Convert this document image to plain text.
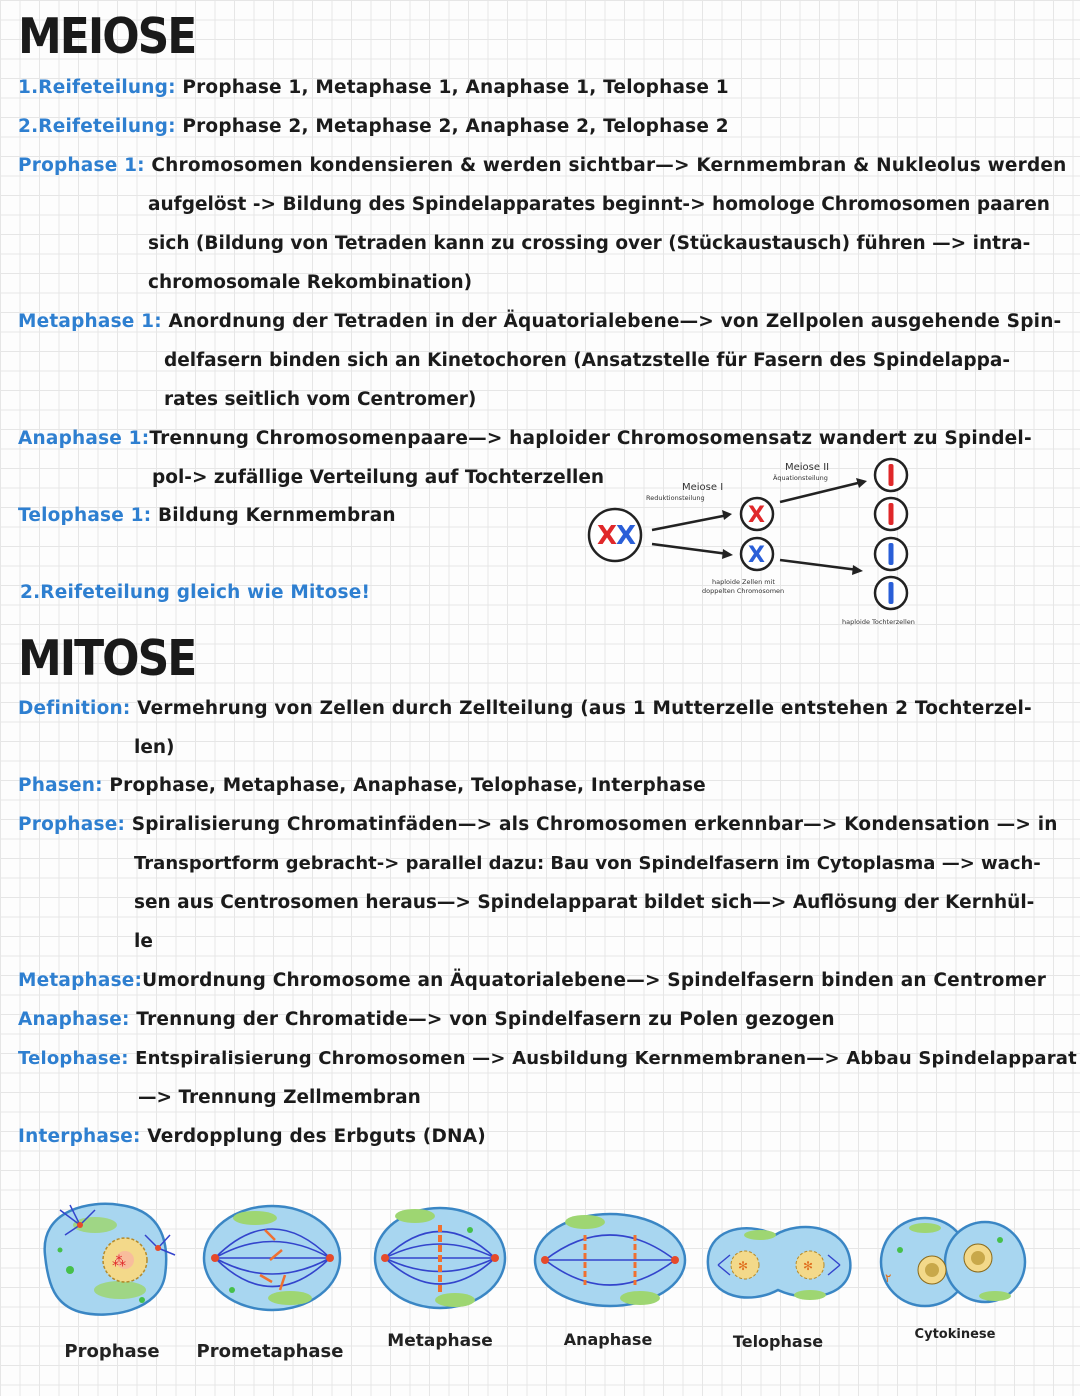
MEIOSE
1.Reifeteilung: Prophase 1, Metaphase 1, Anaphase 1, Telophase 1
2.Reifeteilung: Prophase 2, Metaphase 2, Anaphase 2, Telophase 2
Prophase 1: Chromosomen kondensieren & werden sichtbar—> Kernmembran & Nukleolus werden
aufgelöst -> Bildung des Spindelapparates beginnt-> homologe Chromosomen paaren
sich (Bildung von Tetraden kann zu crossing over (Stückaustausch) führen —> intra-
chromosomale Rekombination)
Metaphase 1: Anordnung der Tetraden in der Äquatorialebene—> von Zellpolen ausgehende Spin-
delfasern binden sich an Kinetochoren (Ansatzstelle für Fasern des Spindelappa-
rates seitlich vom Centromer)
Anaphase 1:Trennung Chromosomenpaare—> haploider Chromosomensatz wandert zu Spindel-
pol-> zufällige Verteilung auf Tochterzellen
Telophase 1: Bildung Kernmembran
2.Reifeteilung gleich wie Mitose!
Meiose I
Reduktionsteilung
Meiose II
Äquationsteilung
haploide Zellen mit
doppelten Chromosomen
haploide Tochterzellen
X
X
X
X
MITOSE
Definition: Vermehrung von Zellen durch Zellteilung (aus 1 Mutterzelle entstehen 2 Tochterzel-
len)
Phasen: Prophase, Metaphase, Anaphase, Telophase, Interphase
Prophase: Spiralisierung Chromatinfäden—> als Chromosomen erkennbar—> Kondensation —> in
Transportform gebracht-> parallel dazu: Bau von Spindelfasern im Cytoplasma —> wach-
sen aus Centrosomen heraus—> Spindelapparat bildet sich—> Auflösung der Kernhül-
le
Metaphase:Umordnung Chromosome an Äquatorialebene—> Spindelfasern binden an Centromer
Anaphase: Trennung der Chromatide—> von Spindelfasern zu Polen gezogen
Telophase: Entspiralisierung Chromosomen —> Ausbildung Kernmembranen—> Abbau Spindelapparat
—> Trennung Zellmembran
Interphase: Verdopplung des Erbguts (DNA)
⁂	✻	✻
٢
Prophase Prometaphase	Metaphase	Anaphase	Telophase	Cytokinese
